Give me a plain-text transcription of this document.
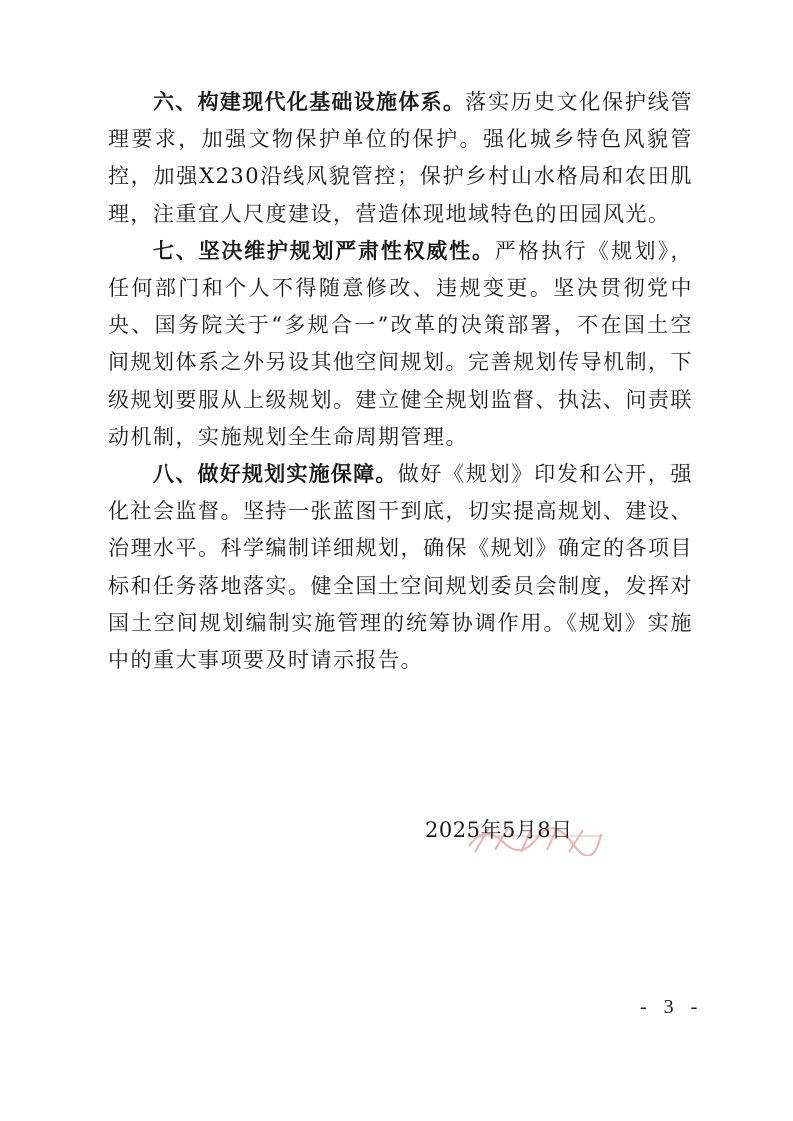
六、构建现代化基础设施体系。落实历史文化保护线管理要求，加强文物保护单位的保护。强化城乡特色风貌管控，加强X230沿线风貌管控；保护乡村山水格局和农田肌理，注重宜人尺度建设，营造体现地域特色的田园风光。

七、坚决维护规划严肃性权威性。严格执行《规划》，任何部门和个人不得随意修改、违规变更。坚决贯彻党中央、国务院关于“多规合一”改革的决策部署，不在国土空间规划体系之外另设其他空间规划。完善规划传导机制，下级规划要服从上级规划。建立健全规划监督、执法、问责联动机制，实施规划全生命周期管理。

八、做好规划实施保障。做好《规划》印发和公开，强化社会监督。坚持一张蓝图干到底，切实提高规划、建设、治理水平。科学编制详细规划，确保《规划》确定的各项目标和任务落地落实。健全国土空间规划委员会制度，发挥对国土空间规划编制实施管理的统筹协调作用。《规划》实施中的重大事项要及时请示报告。

2025年5月8日
- 3 -
